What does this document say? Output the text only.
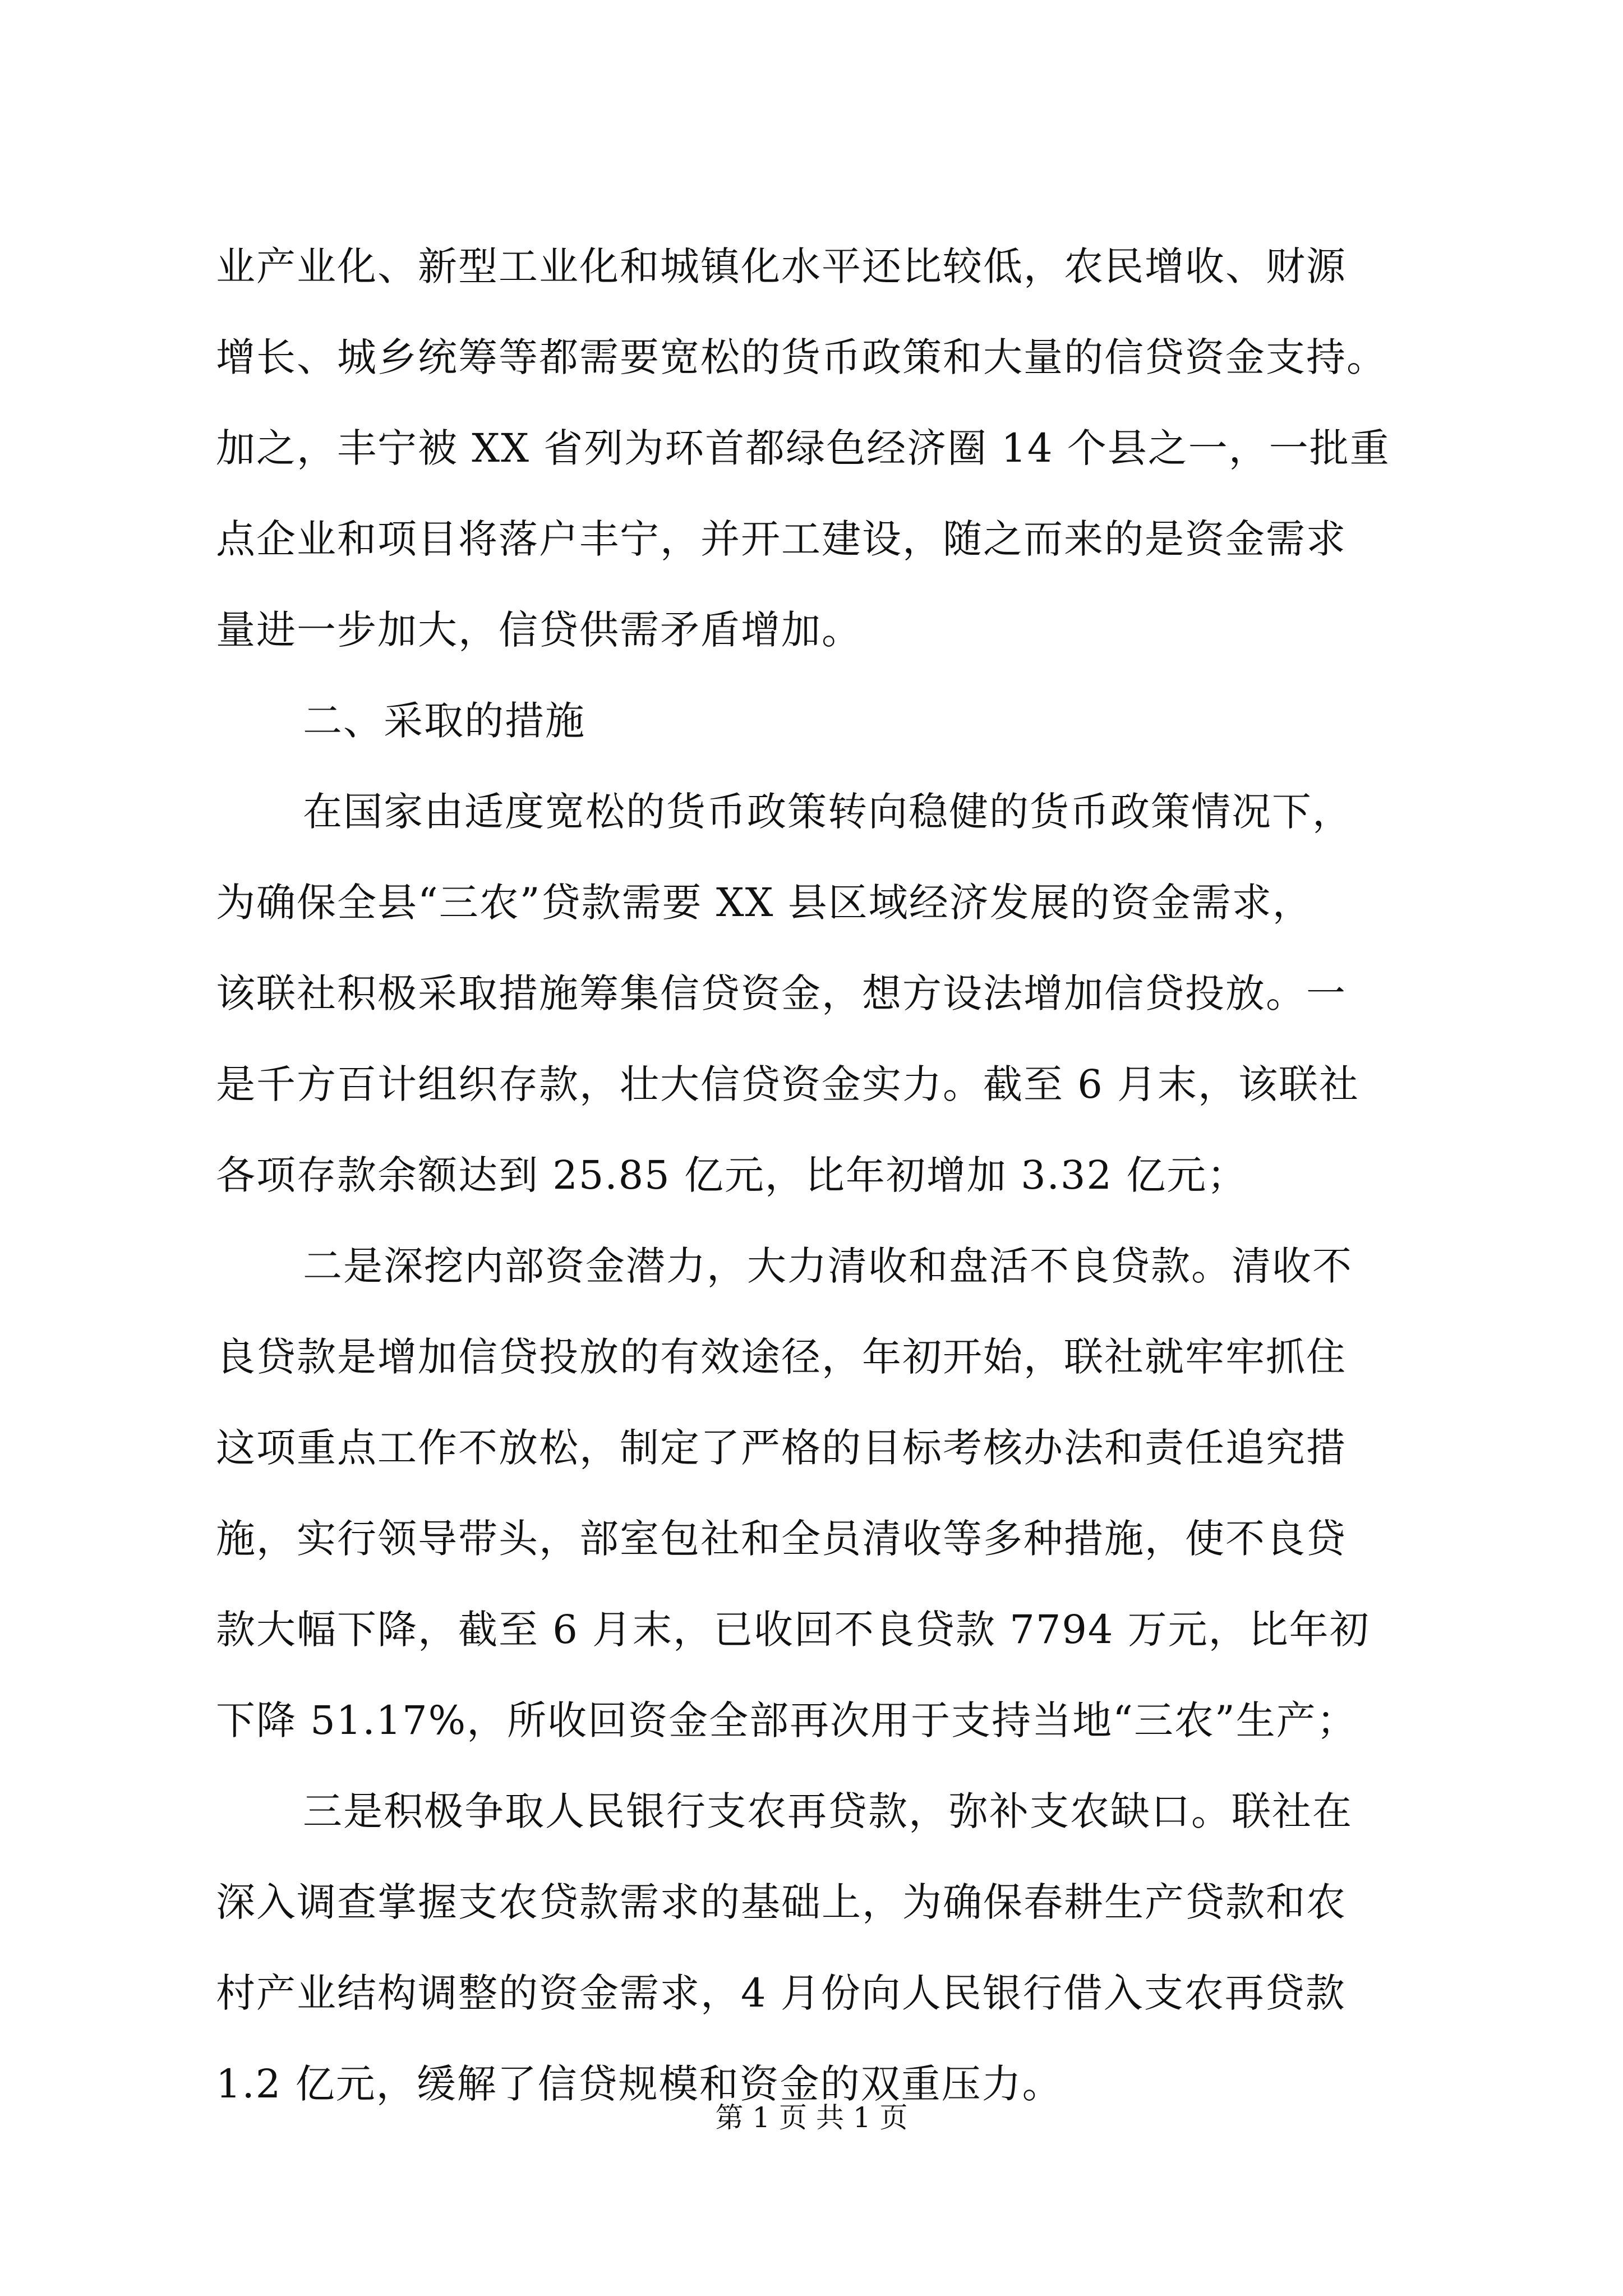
业产业化、新型工业化和城镇化水平还比较低，农民增收、财源
增长、城乡统筹等都需要宽松的货币政策和大量的信贷资金支持。
加之，丰宁被 XX 省列为环首都绿色经济圈 14 个县之一，一批重
点企业和项目将落户丰宁，并开工建设，随之而来的是资金需求
量进一步加大，信贷供需矛盾增加。
二、采取的措施
在国家由适度宽松的货币政策转向稳健的货币政策情况下，
为确保全县“三农”贷款需要 XX 县区域经济发展的资金需求，
该联社积极采取措施筹集信贷资金，想方设法增加信贷投放。一
是千方百计组织存款，壮大信贷资金实力。截至 6 月末，该联社
各项存款余额达到 25.85 亿元，比年初增加 3.32 亿元；
二是深挖内部资金潜力，大力清收和盘活不良贷款。清收不
良贷款是增加信贷投放的有效途径，年初开始，联社就牢牢抓住
这项重点工作不放松，制定了严格的目标考核办法和责任追究措
施，实行领导带头，部室包社和全员清收等多种措施，使不良贷
款大幅下降，截至 6 月末，已收回不良贷款 7794 万元，比年初
下降 51.17%，所收回资金全部再次用于支持当地“三农”生产；
三是积极争取人民银行支农再贷款，弥补支农缺口。联社在
深入调查掌握支农贷款需求的基础上，为确保春耕生产贷款和农
村产业结构调整的资金需求，4 月份向人民银行借入支农再贷款
1.2 亿元，缓解了信贷规模和资金的双重压力。
第 1 页 共 1 页
